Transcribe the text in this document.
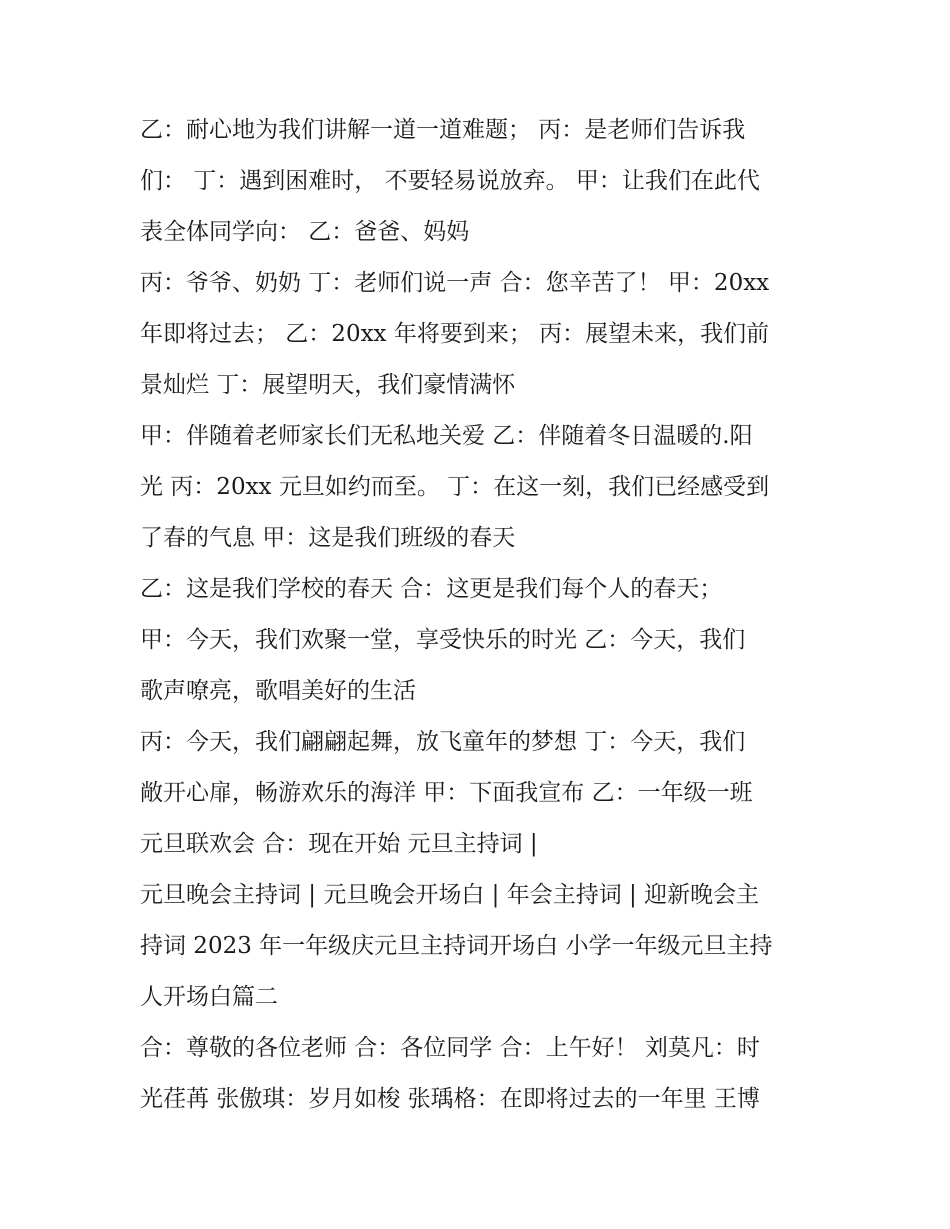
乙：耐心地为我们讲解一道一道难题； 丙：是老师们告诉我
们： 丁：遇到困难时， 不要轻易说放弃。 甲：让我们在此代
表全体同学向： 乙：爸爸、妈妈
丙：爷爷、奶奶 丁：老师们说一声 合：您辛苦了！ 甲：20xx
年即将过去； 乙：20xx 年将要到来； 丙：展望未来，我们前
景灿烂 丁：展望明天，我们豪情满怀
甲：伴随着老师家长们无私地关爱 乙：伴随着冬日温暖的.阳
光 丙：20xx 元旦如约而至。 丁：在这一刻，我们已经感受到
了春的气息 甲：这是我们班级的春天
乙：这是我们学校的春天 合：这更是我们每个人的春天；
甲：今天，我们欢聚一堂，享受快乐的时光 乙：今天，我们
歌声嘹亮，歌唱美好的生活
丙：今天，我们翩翩起舞，放飞童年的梦想 丁：今天，我们
敞开心扉，畅游欢乐的海洋 甲：下面我宣布 乙：一年级一班
元旦联欢会 合：现在开始 元旦主持词 |
元旦晚会主持词 | 元旦晚会开场白 | 年会主持词 | 迎新晚会主
持词 2023 年一年级庆元旦主持词开场白 小学一年级元旦主持
人开场白篇二
合：尊敬的各位老师 合：各位同学 合：上午好！ 刘莫凡：时
光荏苒 张傲琪：岁月如梭 张瑀格：在即将过去的一年里 王博
